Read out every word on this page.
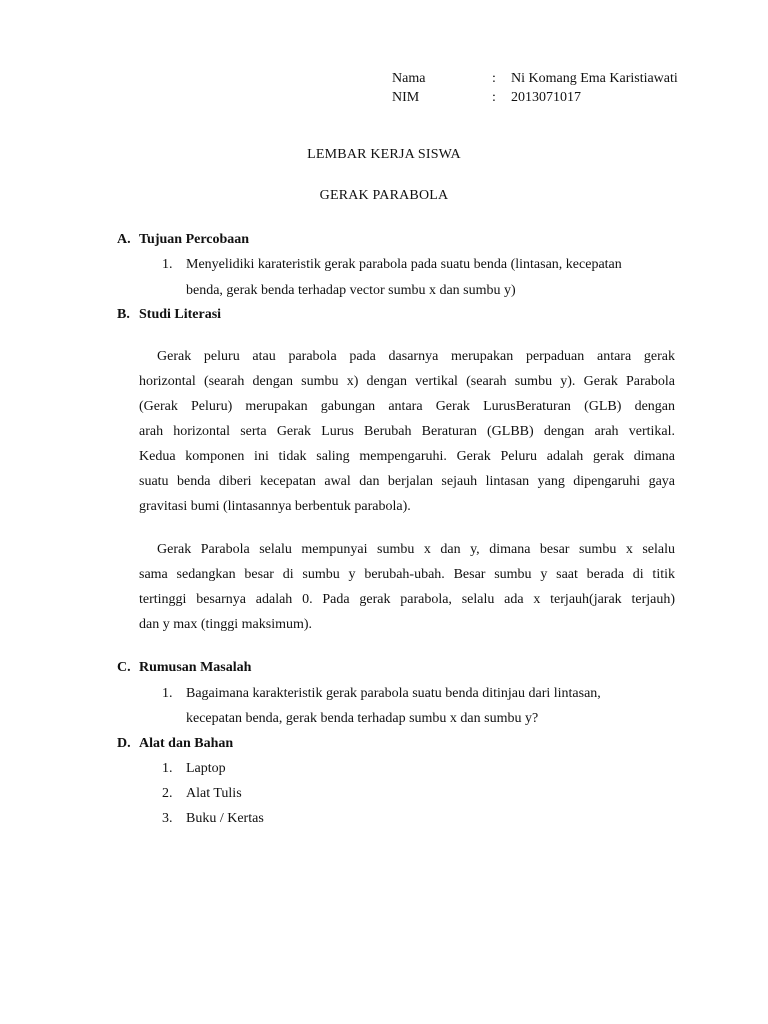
Nama	:	Ni Komang Ema Karistiawati
NIM	:	2013071017
LEMBAR KERJA SISWA
GERAK PARABOLA
A. Tujuan Percobaan
1. Menyelidiki karateristik gerak parabola pada suatu benda (lintasan, kecepatan
benda, gerak benda terhadap vector sumbu x dan sumbu y)
B. Studi Literasi
Gerak peluru atau parabola pada dasarnya merupakan perpaduan antara gerak
horizontal (searah dengan sumbu x) dengan vertikal (searah sumbu y). Gerak Parabola
(Gerak Peluru) merupakan gabungan antara Gerak LurusBeraturan (GLB) dengan
arah horizontal serta Gerak Lurus Berubah Beraturan (GLBB) dengan arah vertikal.
Kedua komponen ini tidak saling mempengaruhi. Gerak Peluru adalah gerak dimana
suatu benda diberi kecepatan awal dan berjalan sejauh lintasan yang dipengaruhi gaya
gravitasi bumi (lintasannya berbentuk parabola).
Gerak Parabola selalu mempunyai sumbu x dan y, dimana besar sumbu x selalu
sama sedangkan besar di sumbu y berubah-ubah. Besar sumbu y saat berada di titik
tertinggi besarnya adalah 0. Pada gerak parabola, selalu ada x terjauh(jarak terjauh)
dan y max (tinggi maksimum).
C. Rumusan Masalah
1. Bagaimana karakteristik gerak parabola suatu benda ditinjau dari lintasan,
kecepatan benda, gerak benda terhadap sumbu x dan sumbu y?
D. Alat dan Bahan
1. Laptop
2. Alat Tulis
3. Buku / Kertas
